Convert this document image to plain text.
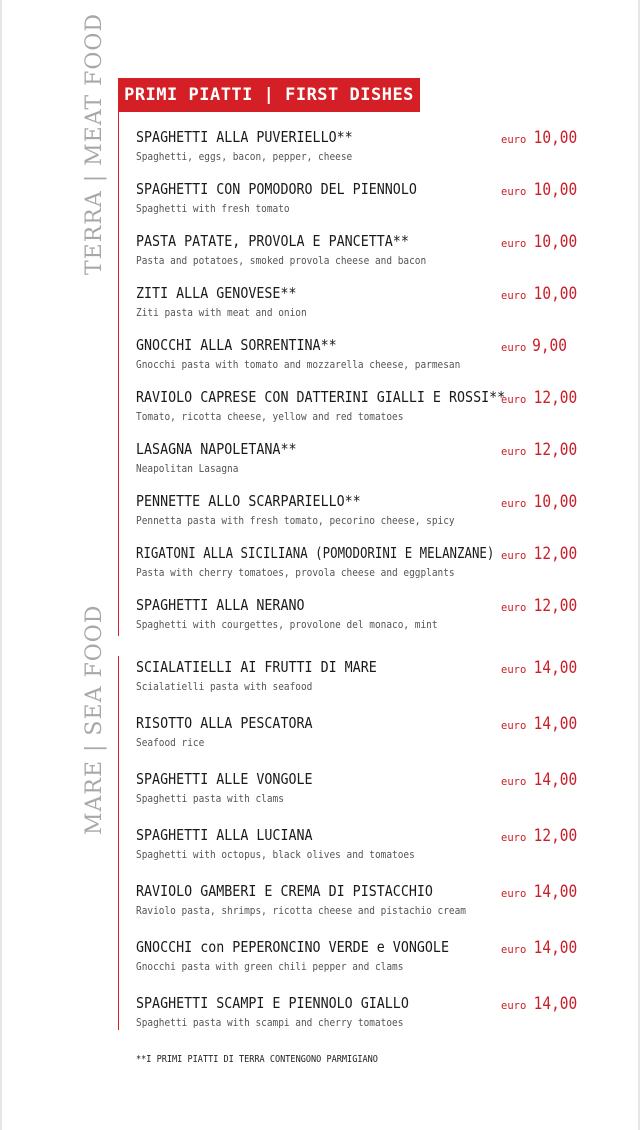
PRIMI PIATTI | FIRST DISHES
TERRA | MEAT FOOD
MARE | SEA FOOD
SPAGHETTI ALLA PUVERIELLO**
Spaghetti, eggs, bacon, pepper, cheese
euro 10,00
SPAGHETTI CON POMODORO DEL PIENNOLO
Spaghetti with fresh tomato
euro 10,00
PASTA PATATE, PROVOLA E PANCETTA**
Pasta and potatoes, smoked provola cheese and bacon
euro 10,00
ZITI ALLA GENOVESE**
Ziti pasta with meat and onion
euro 10,00
GNOCCHI ALLA SORRENTINA**
Gnocchi pasta with tomato and mozzarella cheese, parmesan
euro 9,00
RAVIOLO CAPRESE CON DATTERINI GIALLI E ROSSI**
Tomato, ricotta cheese, yellow and red tomatoes
euro 12,00
LASAGNA NAPOLETANA**
Neapolitan Lasagna
euro 12,00
PENNETTE ALLO SCARPARIELLO**
Pennetta pasta with fresh tomato, pecorino cheese, spicy
euro 10,00
RIGATONI ALLA SICILIANA (POMODORINI E MELANZANE)
Pasta with cherry tomatoes, provola cheese and eggplants
euro 12,00
SPAGHETTI ALLA NERANO
Spaghetti with courgettes, provolone del monaco, mint
euro 12,00
SCIALATIELLI AI FRUTTI DI MARE
Scialatielli pasta with seafood
euro 14,00
RISOTTO ALLA PESCATORA
Seafood rice
euro 14,00
SPAGHETTI ALLE VONGOLE
Spaghetti pasta with clams
euro 14,00
SPAGHETTI ALLA LUCIANA
Spaghetti with octopus, black olives and tomatoes
euro 12,00
RAVIOLO GAMBERI E CREMA DI PISTACCHIO
Raviolo pasta, shrimps, ricotta cheese and pistachio cream
euro 14,00
GNOCCHI con PEPERONCINO VERDE e VONGOLE
Gnocchi pasta with green chili pepper and clams
euro 14,00
SPAGHETTI SCAMPI E PIENNOLO GIALLO
Spaghetti pasta with scampi and cherry tomatoes
euro 14,00
**I PRIMI PIATTI DI TERRA CONTENGONO PARMIGIANO
